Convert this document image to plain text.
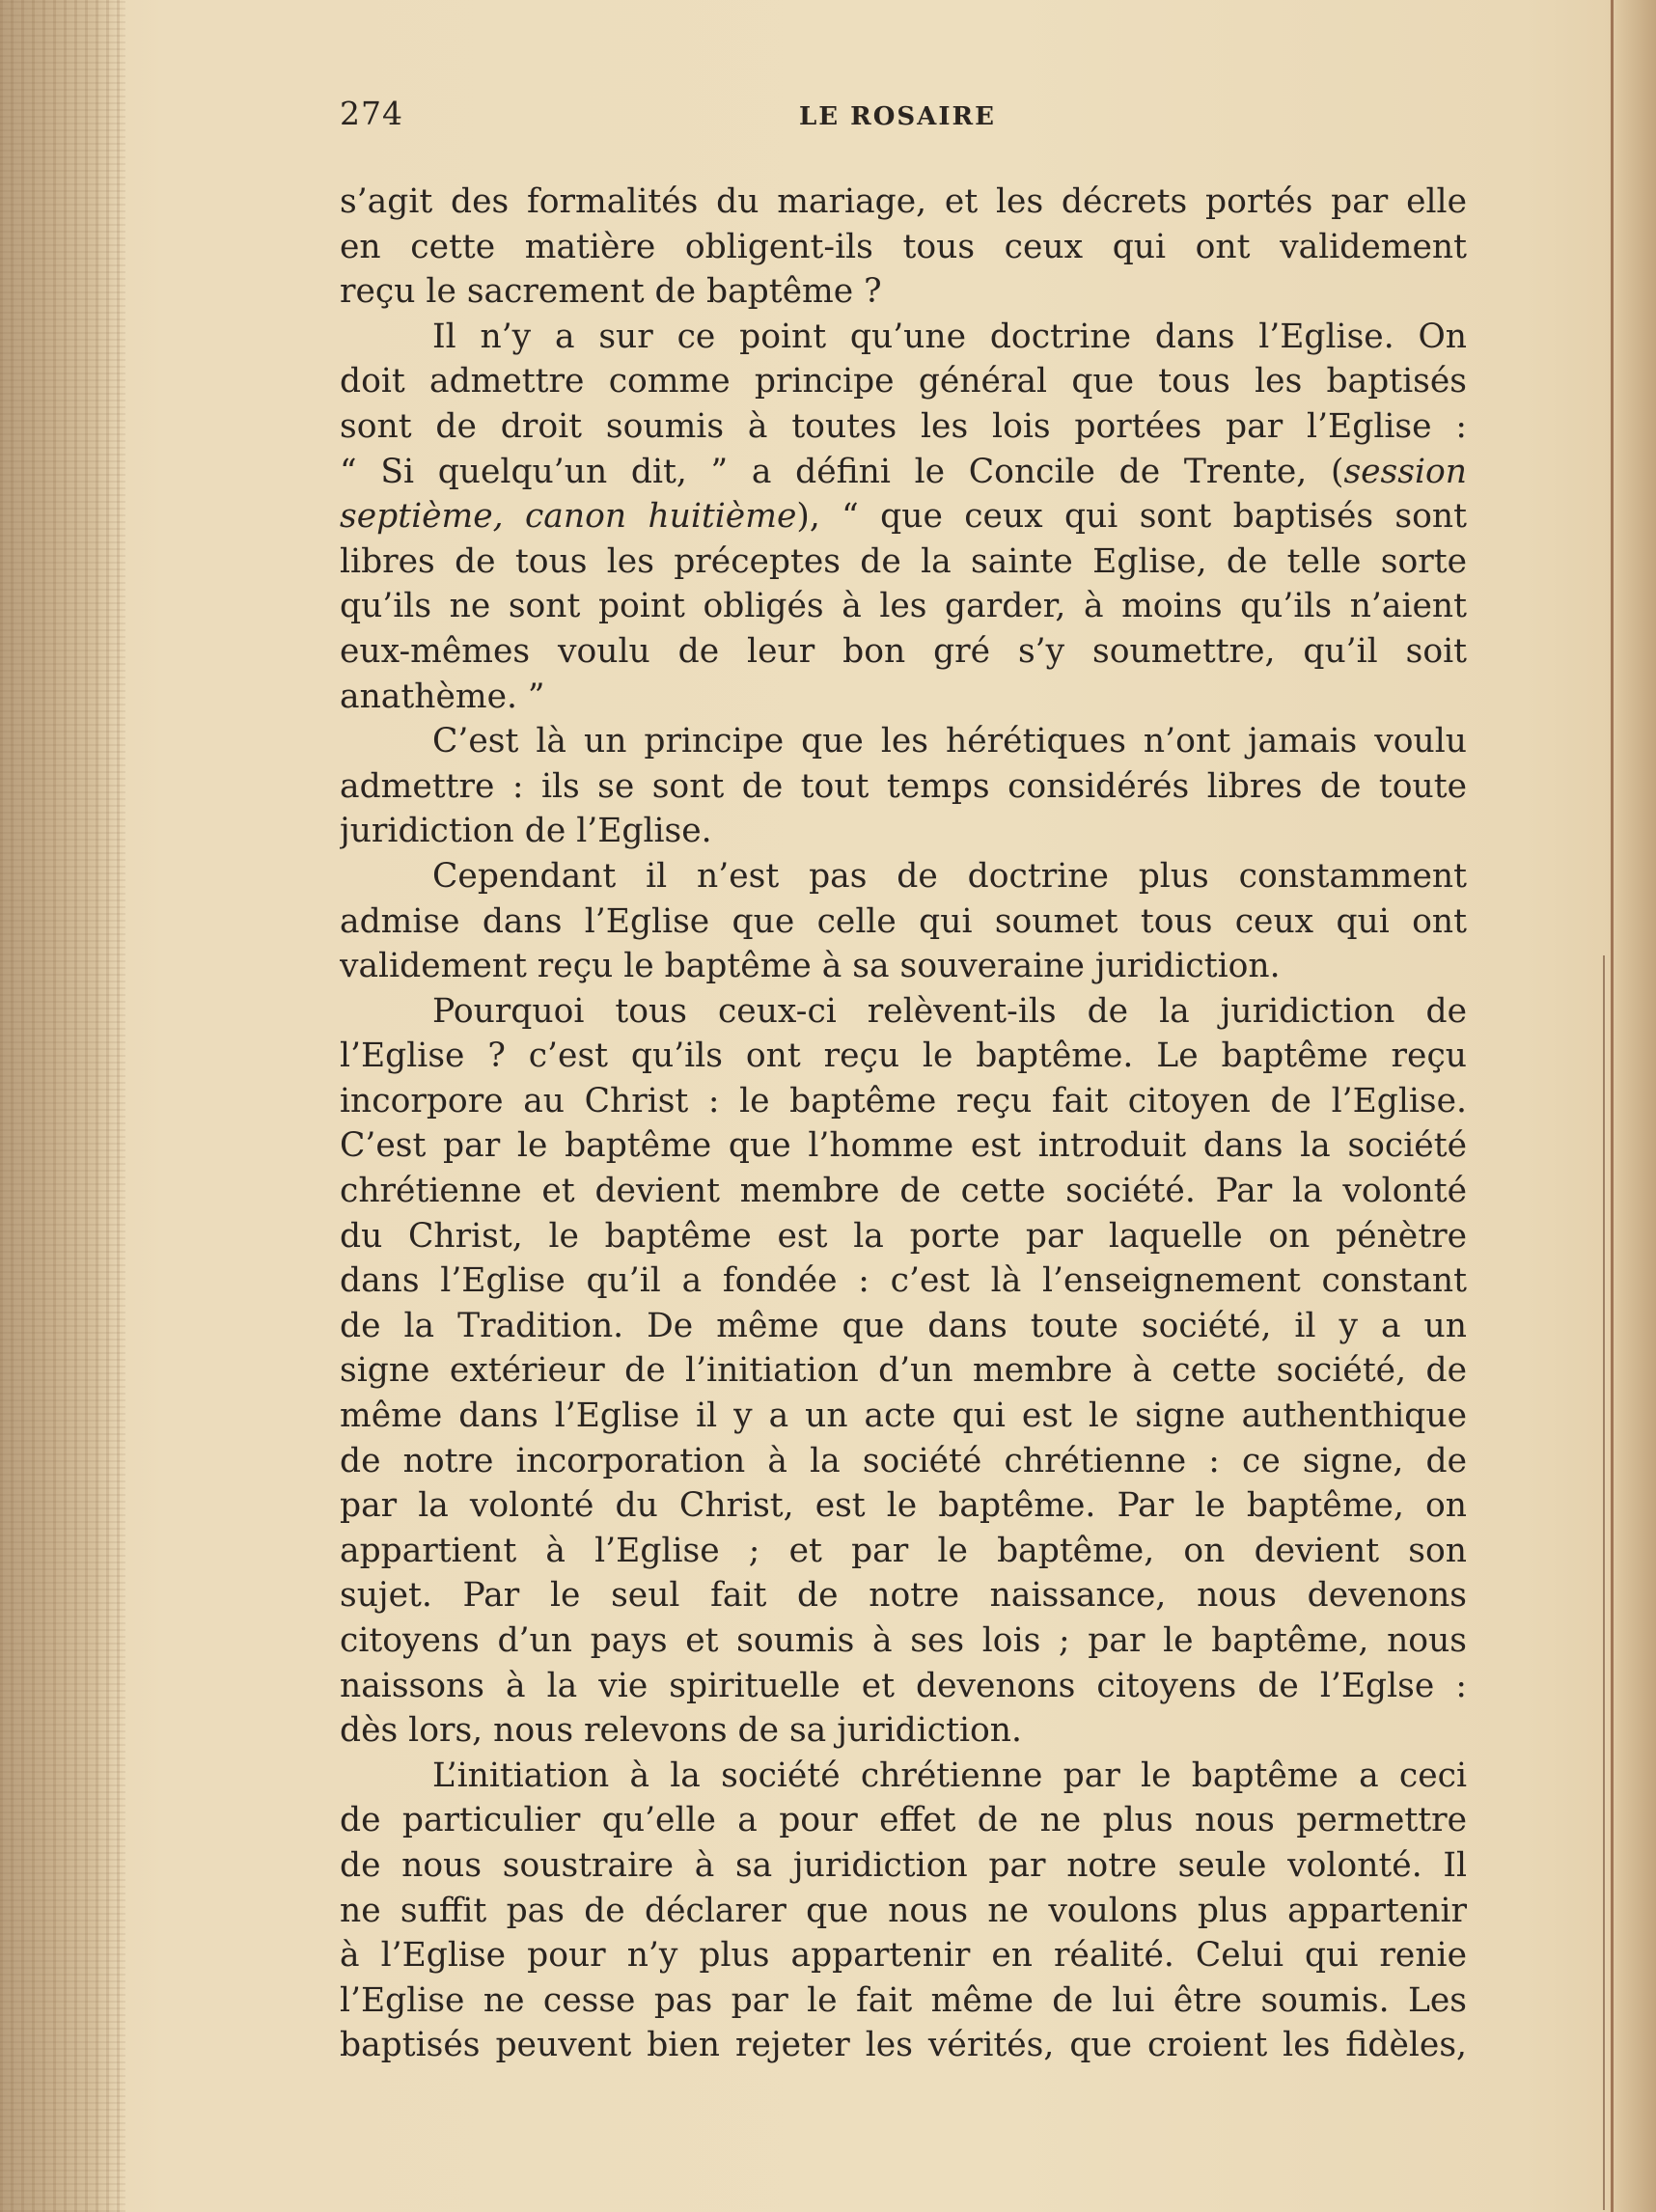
274	LE ROSAIRE
s’agit des formalités du mariage, et les décrets portés par elle
en cette matière obligent-ils tous ceux qui ont validement
reçu le sacrement de baptême ?
Il n’y a sur ce point qu’une doctrine dans l’Eglise. On
doit admettre comme principe général que tous les baptisés
sont de droit soumis à toutes les lois portées par l’Eglise :
“ Si quelqu’un dit, ” a défini le Concile de Trente, (session
septième, canon huitième), “ que ceux qui sont baptisés sont
libres de tous les préceptes de la sainte Eglise, de telle sorte
qu’ils ne sont point obligés à les garder, à moins qu’ils n’aient
eux-mêmes voulu de leur bon gré s’y soumettre, qu’il soit
anathème. ”
C’est là un principe que les hérétiques n’ont jamais voulu
admettre : ils se sont de tout temps considérés libres de toute
juridiction de l’Eglise.
Cependant il n’est pas de doctrine plus constamment
admise dans l’Eglise que celle qui soumet tous ceux qui ont
validement reçu le baptême à sa souveraine juridiction.
Pourquoi tous ceux-ci relèvent-ils de la juridiction de
l’Eglise ? c’est qu’ils ont reçu le baptême. Le baptême reçu
incorpore au Christ : le baptême reçu fait citoyen de l’Eglise.
C’est par le baptême que l’homme est introduit dans la société
chrétienne et devient membre de cette société. Par la volonté
du Christ, le baptême est la porte par laquelle on pénètre
dans l’Eglise qu’il a fondée : c’est là l’enseignement constant
de la Tradition. De même que dans toute société, il y a un
signe extérieur de l’initiation d’un membre à cette société, de
même dans l’Eglise il y a un acte qui est le signe authenthique
de notre incorporation à la société chrétienne : ce signe, de
par la volonté du Christ, est le baptême. Par le baptême, on
appartient à l’Eglise ; et par le baptême, on devient son
sujet. Par le seul fait de notre naissance, nous devenons
citoyens d’un pays et soumis à ses lois ; par le baptême, nous
naissons à la vie spirituelle et devenons citoyens de l’Eglse :
dès lors, nous relevons de sa juridiction.
L’initiation à la société chrétienne par le baptême a ceci
de particulier qu’elle a pour effet de ne plus nous permettre
de nous soustraire à sa juridiction par notre seule volonté. Il
ne suffit pas de déclarer que nous ne voulons plus appartenir
à l’Eglise pour n’y plus appartenir en réalité. Celui qui renie
l’Eglise ne cesse pas par le fait même de lui être soumis. Les
baptisés peuvent bien rejeter les vérités, que croient les fidèles,
